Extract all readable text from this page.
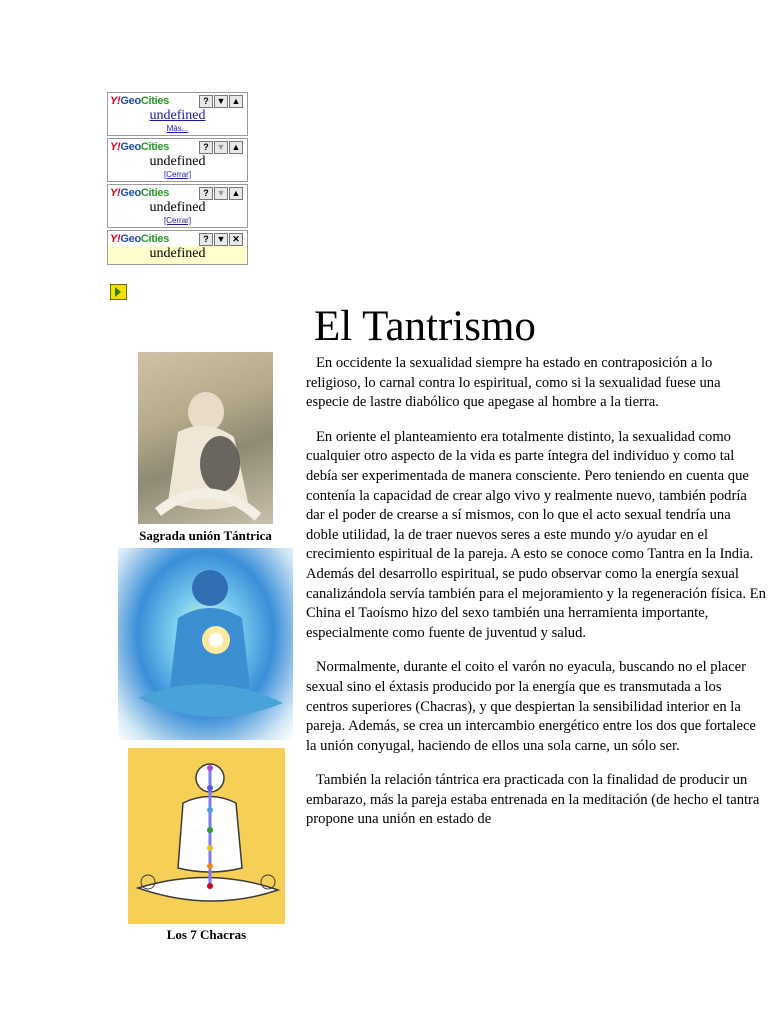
Y!GeoCities	? ▼ ▲
undefined
Más...
Y!GeoCities	? ▼ ▲
undefined
[Cerrar]
Y!GeoCities	? ▼ ▲
undefined
[Cerrar]
Y!GeoCities	? ▼ ✕
undefined
El Tantrismo
Sagrada unión Tántrica
Los 7 Chacras

En occidente la sexualidad siempre ha estado en contraposición a lo religioso, lo carnal contra lo espiritual, como si la sexualidad fuese una especie de lastre diabólico que apegase al hombre a la tierra.

En oriente el planteamiento era totalmente distinto, la sexualidad como cualquier otro aspecto de la vida es parte íntegra del individuo y como tal debía ser experimentada de manera consciente. Pero teniendo en cuenta que contenía la capacidad de crear algo vivo y realmente nuevo, también podría dar el poder de crearse a sí mismos, con lo que el acto sexual tendría una doble utilidad, la de traer nuevos seres a este mundo y/o ayudar en el crecimiento espiritual de la pareja. A esto se conoce como Tantra en la India. Además del desarrollo espiritual, se pudo observar como la energía sexual canalizándola servía también para el mejoramiento y la regeneración física. En China el Taoísmo hizo del sexo también una herramienta importante, especialmente como fuente de juventud y salud.

Normalmente, durante el coito el varón no eyacula, buscando no el placer sexual sino el éxtasis producido por la energía que es transmutada a los centros superiores (Chacras), y que despiertan la sensibilidad interior en la pareja. Además, se crea un intercambio energético entre los dos que fortalece la unión conyugal, haciendo de ellos una sola carne, un sólo ser.

También la relación tántrica era practicada con la finalidad de producir un embarazo, más la pareja estaba entrenada en la meditación (de hecho el tantra propone una unión en estado de
